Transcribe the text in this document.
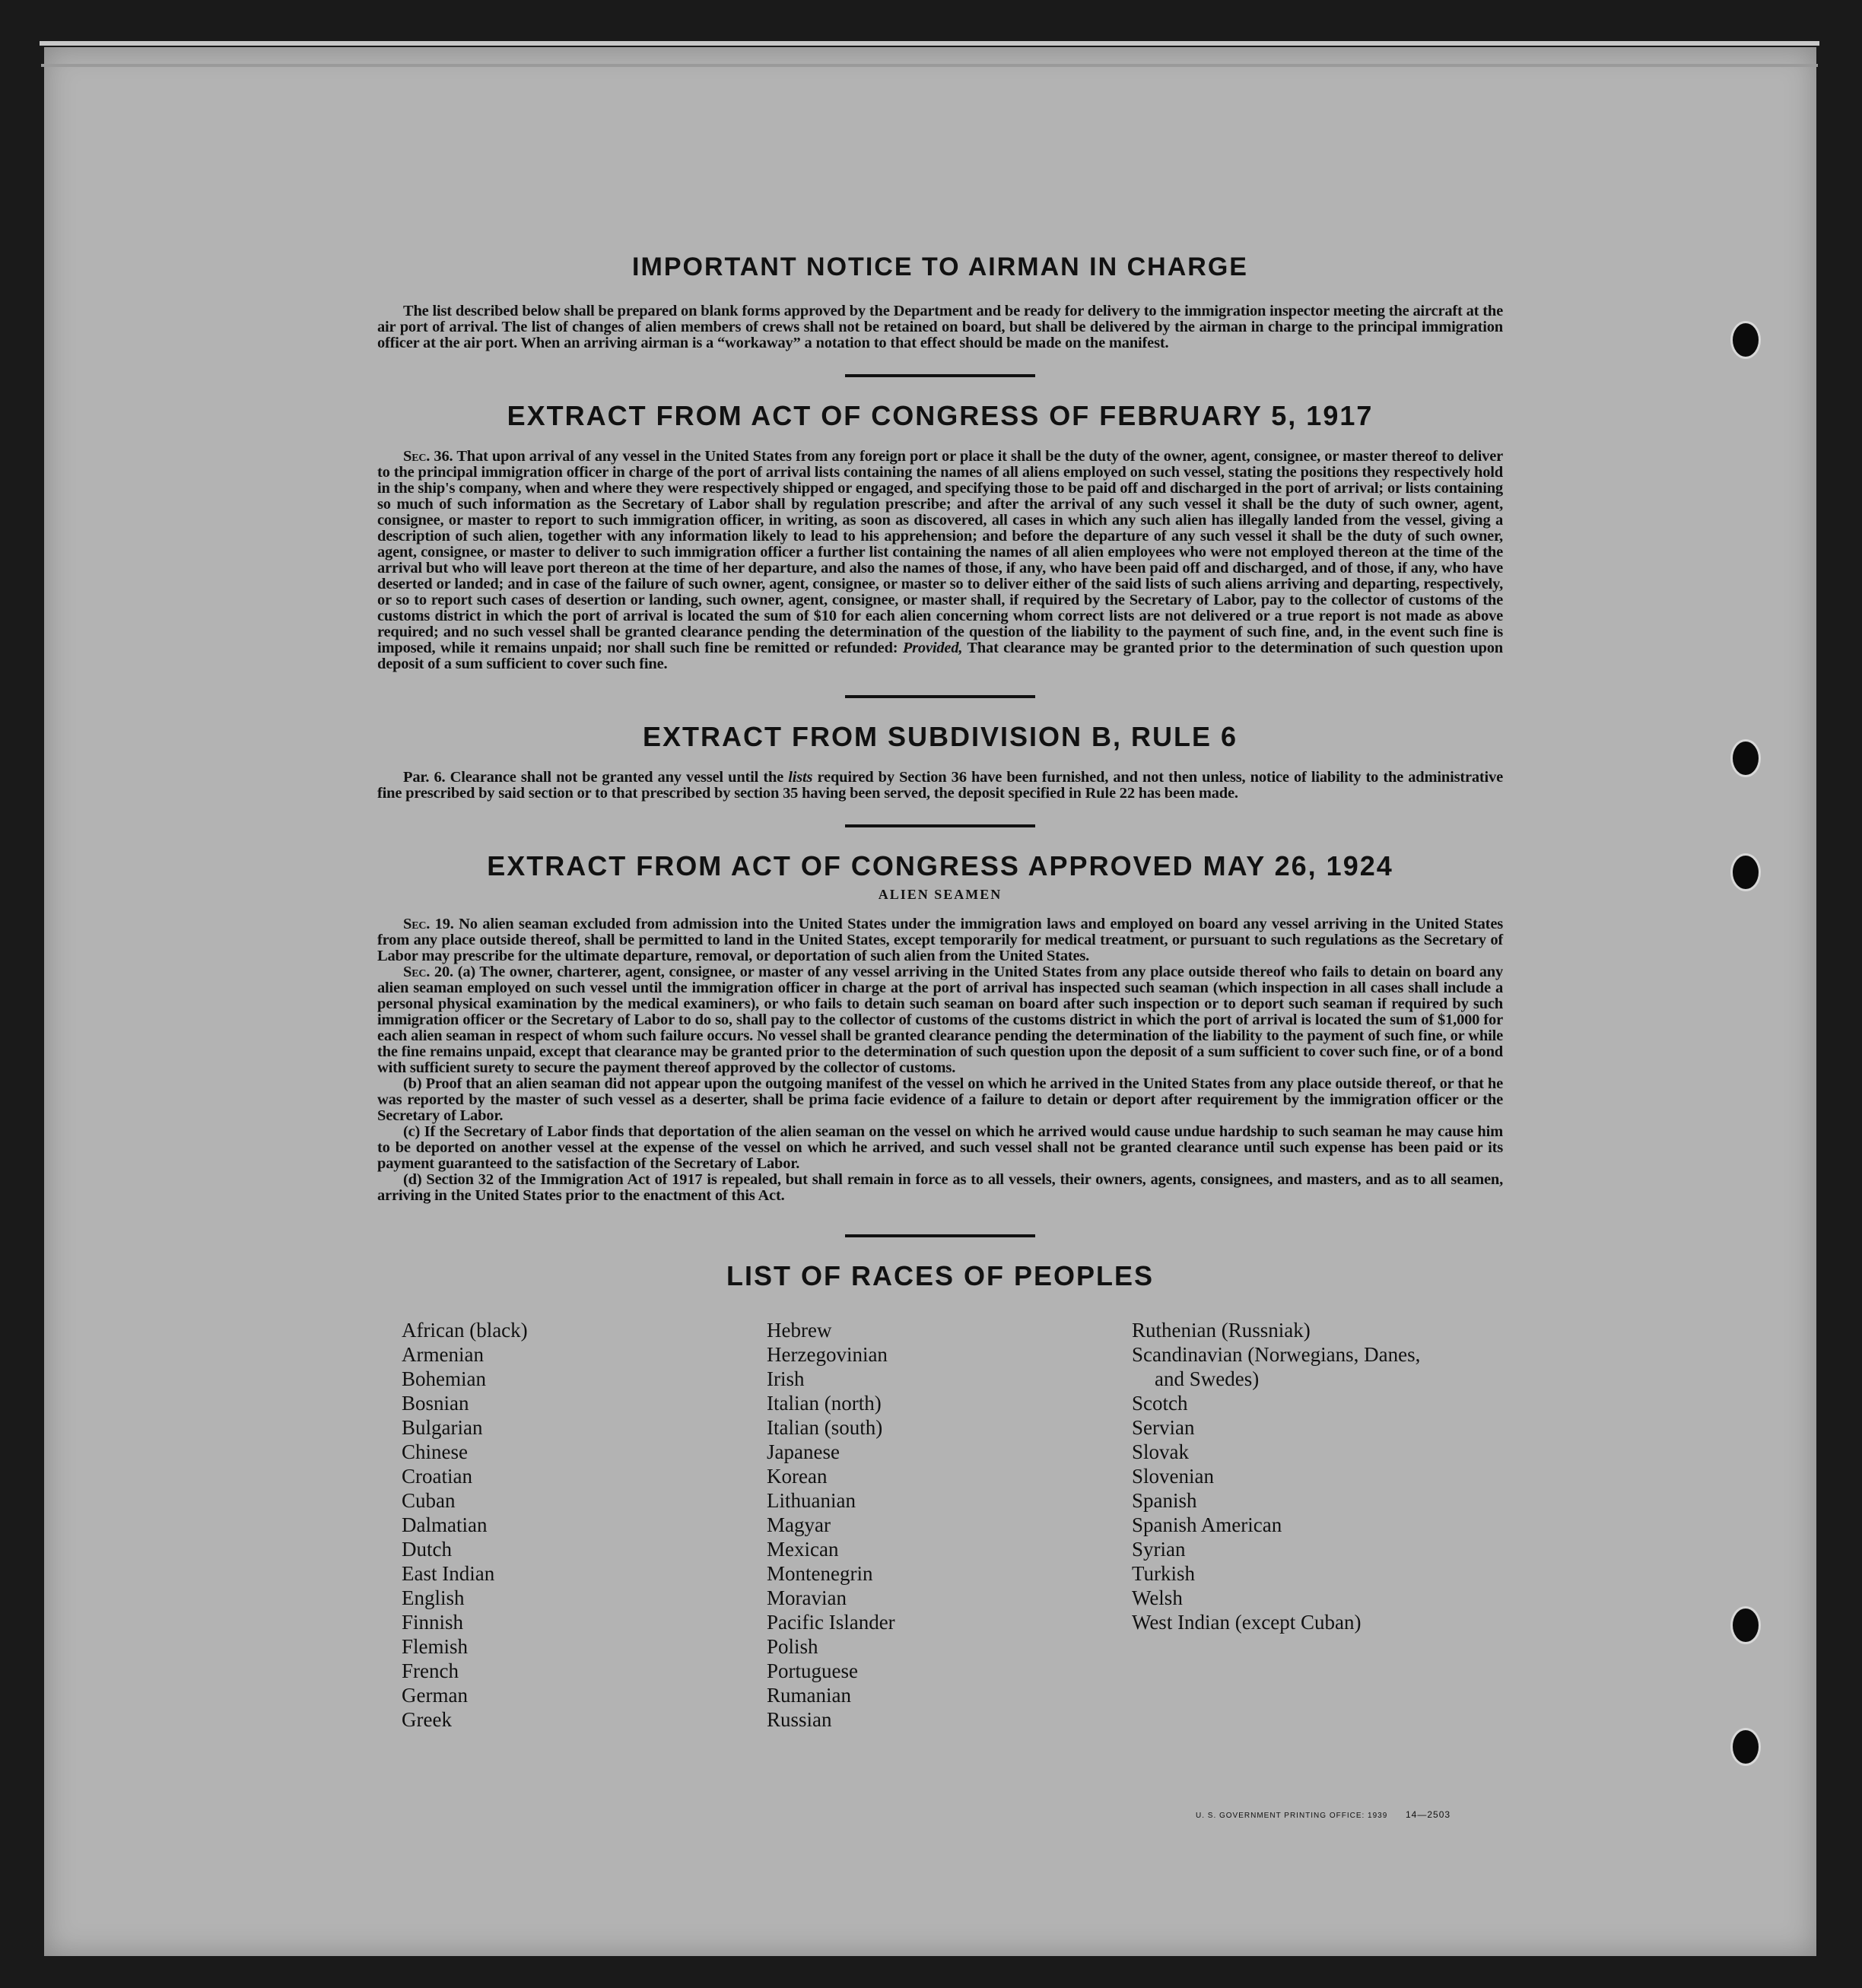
IMPORTANT NOTICE TO AIRMAN IN CHARGE

The list described below shall be prepared on blank forms approved by the Department and be ready for delivery to the immigration inspector meeting the aircraft at the air port of arrival. The list of changes of alien members of crews shall not be retained on board, but shall be delivered by the airman in charge to the principal immigration officer at the air port. When an arriving airman is a “workaway” a notation to that effect should be made on the manifest.

EXTRACT FROM ACT OF CONGRESS OF FEBRUARY 5, 1917

Sec. 36. That upon arrival of any vessel in the United States from any foreign port or place it shall be the duty of the owner, agent, consignee, or master thereof to deliver to the principal immigration officer in charge of the port of arrival lists containing the names of all aliens employed on such vessel, stating the positions they respectively hold in the ship's company, when and where they were respectively shipped or engaged, and specifying those to be paid off and discharged in the port of arrival; or lists containing so much of such information as the Secretary of Labor shall by regulation prescribe; and after the arrival of any such vessel it shall be the duty of such owner, agent, consignee, or master to report to such immigration officer, in writing, as soon as discovered, all cases in which any such alien has illegally landed from the vessel, giving a description of such alien, together with any information likely to lead to his apprehension; and before the departure of any such vessel it shall be the duty of such owner, agent, consignee, or master to deliver to such immigration officer a further list containing the names of all alien employees who were not employed thereon at the time of the arrival but who will leave port thereon at the time of her departure, and also the names of those, if any, who have been paid off and discharged, and of those, if any, who have deserted or landed; and in case of the failure of such owner, agent, consignee, or master so to deliver either of the said lists of such aliens arriving and departing, respectively, or so to report such cases of desertion or landing, such owner, agent, consignee, or master shall, if required by the Secretary of Labor, pay to the collector of customs of the customs district in which the port of arrival is located the sum of $10 for each alien concerning whom correct lists are not delivered or a true report is not made as above required; and no such vessel shall be granted clearance pending the determination of the question of the liability to the payment of such fine, and, in the event such fine is imposed, while it remains unpaid; nor shall such fine be remitted or refunded: Provided, That clearance may be granted prior to the determination of such question upon deposit of a sum sufficient to cover such fine.

EXTRACT FROM SUBDIVISION B, RULE 6

Par. 6. Clearance shall not be granted any vessel until the lists required by Section 36 have been furnished, and not then unless, notice of liability to the administrative fine prescribed by said section or to that prescribed by section 35 having been served, the deposit specified in Rule 22 has been made.

EXTRACT FROM ACT OF CONGRESS APPROVED MAY 26, 1924
ALIEN SEAMEN

Sec. 19. No alien seaman excluded from admission into the United States under the immigration laws and employed on board any vessel arriving in the United States from any place outside thereof, shall be permitted to land in the United States, except temporarily for medical treatment, or pursuant to such regulations as the Secretary of Labor may prescribe for the ultimate departure, removal, or deportation of such alien from the United States.

Sec. 20. (a) The owner, charterer, agent, consignee, or master of any vessel arriving in the United States from any place outside thereof who fails to detain on board any alien seaman employed on such vessel until the immigration officer in charge at the port of arrival has inspected such seaman (which inspection in all cases shall include a personal physical examination by the medical examiners), or who fails to detain such seaman on board after such inspection or to deport such seaman if required by such immigration officer or the Secretary of Labor to do so, shall pay to the collector of customs of the customs district in which the port of arrival is located the sum of $1,000 for each alien seaman in respect of whom such failure occurs. No vessel shall be granted clearance pending the determination of the liability to the payment of such fine, or while the fine remains unpaid, except that clearance may be granted prior to the determination of such question upon the deposit of a sum sufficient to cover such fine, or of a bond with sufficient surety to secure the payment thereof approved by the collector of customs.

(b) Proof that an alien seaman did not appear upon the outgoing manifest of the vessel on which he arrived in the United States from any place outside thereof, or that he was reported by the master of such vessel as a deserter, shall be prima facie evidence of a failure to detain or deport after requirement by the immigration officer or the Secretary of Labor.

(c) If the Secretary of Labor finds that deportation of the alien seaman on the vessel on which he arrived would cause undue hardship to such seaman he may cause him to be deported on another vessel at the expense of the vessel on which he arrived, and such vessel shall not be granted clearance until such expense has been paid or its payment guaranteed to the satisfaction of the Secretary of Labor.

(d) Section 32 of the Immigration Act of 1917 is repealed, but shall remain in force as to all vessels, their owners, agents, consignees, and masters, and as to all seamen, arriving in the United States prior to the enactment of this Act.

LIST OF RACES OF PEOPLES
African (black)
Armenian
Bohemian
Bosnian
Bulgarian
Chinese
Croatian
Cuban
Dalmatian
Dutch
East Indian
English
Finnish
Flemish
French
German
Greek
Hebrew
Herzegovinian
Irish
Italian (north)
Italian (south)
Japanese
Korean
Lithuanian
Magyar
Mexican
Montenegrin
Moravian
Pacific Islander
Polish
Portuguese
Rumanian
Russian
Ruthenian (Russniak)
Scandinavian (Norwegians, Danes,
and Swedes)
Scotch
Servian
Slovak
Slovenian
Spanish
Spanish American
Syrian
Turkish
Welsh
West Indian (except Cuban)
U. S. GOVERNMENT PRINTING OFFICE: 1939 14—2503
